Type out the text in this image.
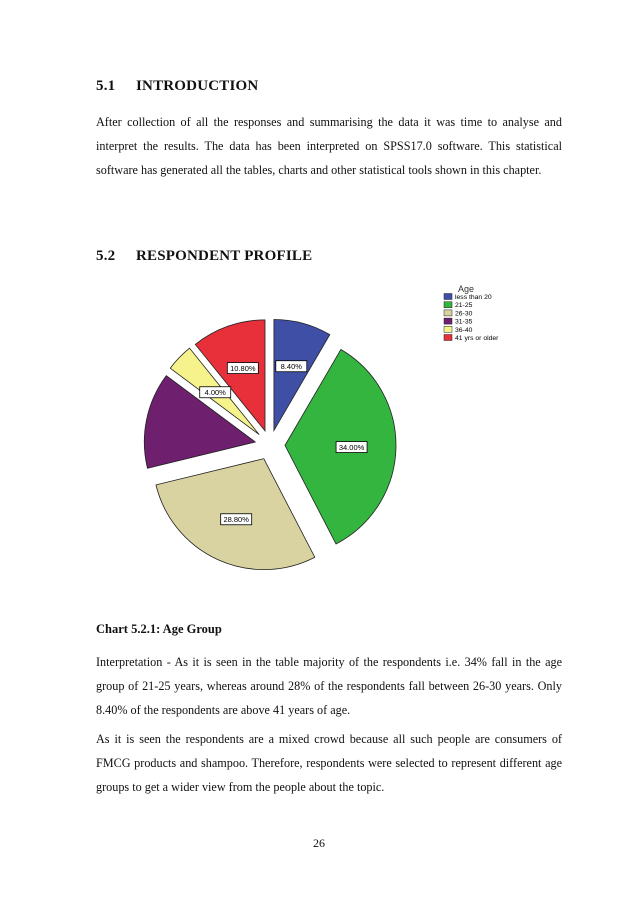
5.1 INTRODUCTION

After collection of all the responses and summarising the data it was time to analyse and interpret the results. The data has been interpreted on SPSS17.0 software. This statistical software has generated all the tables, charts and other statistical tools shown in this chapter.

5.2 RESPONDENT PROFILE
8.40%
34.00%
28.80%
4.00%
10.80%
Age
less than 20
21-25
26-30
31-35
36-40
41 yrs or older
Chart 5.2.1: Age Group

Interpretation - As it is seen in the table majority of the respondents i.e. 34% fall in the age group of 21-25 years, whereas around 28% of the respondents fall between 26-30 years. Only 8.40% of the respondents are above 41 years of age.

As it is seen the respondents are a mixed crowd because all such people are consumers of FMCG products and shampoo. Therefore, respondents were selected to represent different age groups to get a wider view from the people about the topic.

26
